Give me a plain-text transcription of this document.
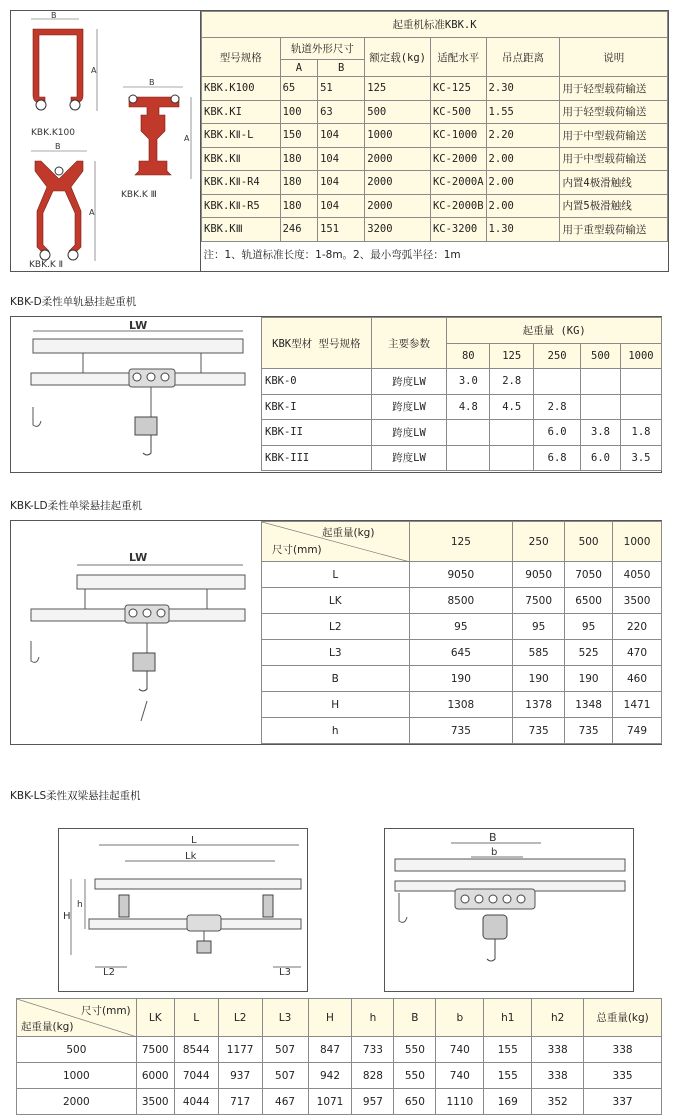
B
A
KBK.K100
B
A
KBK.K Ⅲ
B
A
KBK.K Ⅱ
起重机标准KBK.K						
型号规格	轨道外形尺寸		额定载(kg)	适配水平	吊点距离	说明
	A	B				
KBK.K100	65	51	125	KC-125	2.30	用于轻型载荷输送
KBK.KI	100	63	500	KC-500	1.55	用于轻型载荷输送
KBK.KⅡ-L	150	104	1000	KC-1000	2.20	用于中型载荷输送
KBK.KⅡ	180	104	2000	KC-2000	2.00	用于中型载荷输送
KBK.KⅡ-R4	180	104	2000	KC-2000A	2.00	内置4极滑触线
KBK.KⅡ-R5	180	104	2000	KC-2000B	2.00	内置5极滑触线
KBK.KⅢ	246	151	3200	KC-3200	1.30	用于重型载荷输送
注：1、轨道标准长度：1-8m。2、最小弯弧半径：1m						
KBK-D柔性单轨悬挂起重机
LW
KBK型材 型号规格	主要参数	起重量 (KG)				
		80	125	250	500	1000
KBK-0	跨度LW	3.0	2.8			
KBK-I	跨度LW	4.8	4.5	2.8		
KBK-II	跨度LW			6.0	3.8	1.8
KBK-III	跨度LW			6.8	6.0	3.5
KBK-LD柔性单梁悬挂起重机
LW
起重量(kg)
尺寸(mm)	125	250	500	1000
L	9050	9050	7050	4050
LK	8500	7500	6500	3500
L2	95	95	95	220
L3	645	585	525	470
B	190	190	190	460
H	1308	1378	1348	1471
h	735	735	735	749
KBK-LS柔性双梁悬挂起重机
L
Lk
H
h
L2	L3
B
b
尺寸(mm)
起重量(kg)	LK	L	L2	L3	H	h	B	b	h1	h2	总重量(kg)
500	7500	8544	1177	507	847	733	550	740	155	338	338
1000	6000	7044	937	507	942	828	550	740	155	338	335
2000	3500	4044	717	467	1071	957	650	1110	169	352	337
